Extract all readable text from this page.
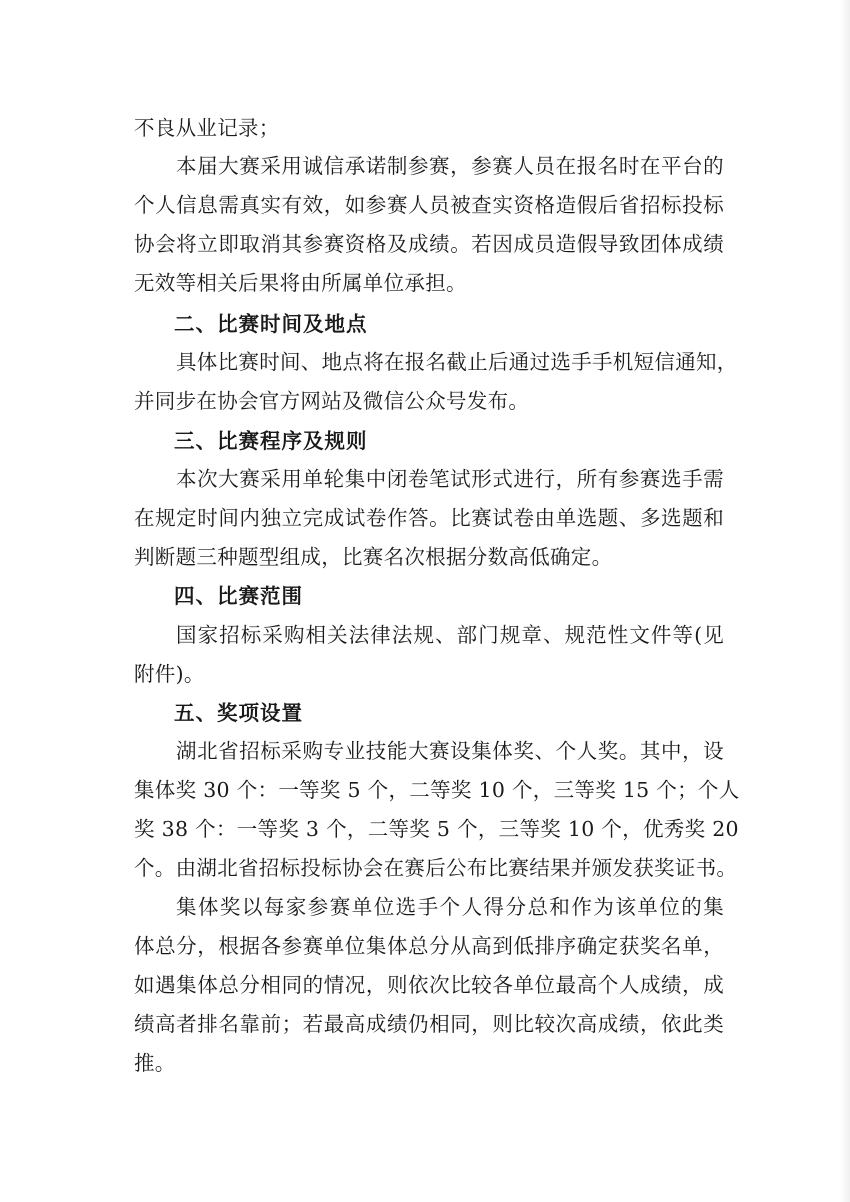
不良从业记录；
本届大赛采用诚信承诺制参赛，参赛人员在报名时在平台的
个人信息需真实有效，如参赛人员被查实资格造假后省招标投标
协会将立即取消其参赛资格及成绩。若因成员造假导致团体成绩
无效等相关后果将由所属单位承担。
二、比赛时间及地点
具体比赛时间、地点将在报名截止后通过选手手机短信通知，
并同步在协会官方网站及微信公众号发布。
三、比赛程序及规则
本次大赛采用单轮集中闭卷笔试形式进行，所有参赛选手需
在规定时间内独立完成试卷作答。比赛试卷由单选题、多选题和
判断题三种题型组成，比赛名次根据分数高低确定。
四、比赛范围
国家招标采购相关法律法规、部门规章、规范性文件等(见
附件)。
五、奖项设置
湖北省招标采购专业技能大赛设集体奖、个人奖。其中，设
集体奖 30 个：一等奖 5 个，二等奖 10 个，三等奖 15 个；个人
奖 38 个：一等奖 3 个，二等奖 5 个，三等奖 10 个，优秀奖 20
个。由湖北省招标投标协会在赛后公布比赛结果并颁发获奖证书。
集体奖以每家参赛单位选手个人得分总和作为该单位的集
体总分，根据各参赛单位集体总分从高到低排序确定获奖名单，
如遇集体总分相同的情况，则依次比较各单位最高个人成绩，成
绩高者排名靠前；若最高成绩仍相同，则比较次高成绩，依此类
推。
